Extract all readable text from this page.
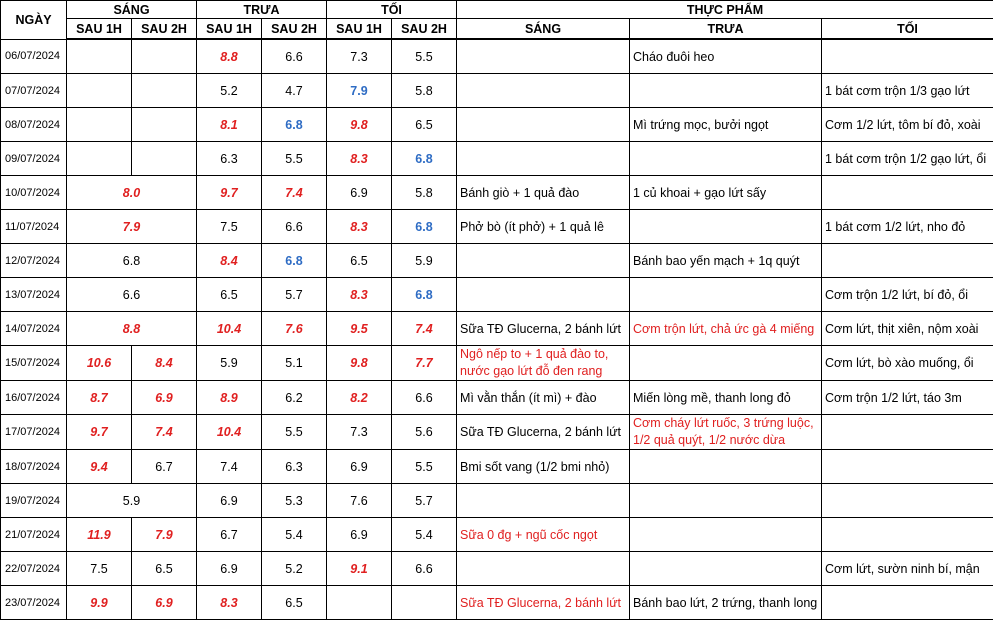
NGÀY	SÁNG		TRƯA		TỐI		THỰC PHẨM		
	SAU 1H	SAU 2H	SAU 1H	SAU 2H	SAU 1H	SAU 2H	SÁNG	TRƯA	TỐI
06/07/2024			8.8	6.6	7.3	5.5		Cháo đuôi heo	
07/07/2024			5.2	4.7	7.9	5.8			1 bát cơm trộn 1/3 gạo lứt
08/07/2024			8.1	6.8	9.8	6.5		Mì trứng mọc, bưởi ngọt	Cơm 1/2 lứt, tôm bí đỏ, xoài
09/07/2024			6.3	5.5	8.3	6.8			1 bát cơm trộn 1/2 gạo lứt, ổi
10/07/2024	8.0		9.7	7.4	6.9	5.8	Bánh giò + 1 quả đào	1 củ khoai + gạo lứt sấy	
11/07/2024	7.9		7.5	6.6	8.3	6.8	Phở bò (ít phở) + 1 quả lê		1 bát cơm 1/2 lứt, nho đỏ
12/07/2024	6.8		8.4	6.8	6.5	5.9		Bánh bao yến mạch + 1q quýt	
13/07/2024	6.6		6.5	5.7	8.3	6.8			Cơm trộn 1/2 lứt, bí đỏ, ổi
14/07/2024	8.8		10.4	7.6	9.5	7.4	Sữa TĐ Glucerna, 2 bánh lứt	Cơm trộn lứt, chả ức gà 4 miếng	Cơm lứt, thịt xiên, nộm xoài
15/07/2024	10.6	8.4	5.9	5.1	9.8	7.7	Ngô nếp to + 1 quả đào to, nước gạo lứt đỗ đen rang		Cơm lứt, bò xào muống, ổi
16/07/2024	8.7	6.9	8.9	6.2	8.2	6.6	Mì vằn thắn (ít mì) + đào	Miến lòng mề, thanh long đỏ	Cơm trộn 1/2 lứt, táo 3m
17/07/2024	9.7	7.4	10.4	5.5	7.3	5.6	Sữa TĐ Glucerna, 2 bánh lứt	Cơm cháy lứt ruốc, 3 trứng luộc, 1/2 quả quýt, 1/2 nước dừa	
18/07/2024	9.4	6.7	7.4	6.3	6.9	5.5	Bmi sốt vang (1/2 bmi nhỏ)		
19/07/2024	5.9		6.9	5.3	7.6	5.7			
21/07/2024	11.9	7.9	6.7	5.4	6.9	5.4	Sữa 0 đg + ngũ cốc ngọt		
22/07/2024	7.5	6.5	6.9	5.2	9.1	6.6			Cơm lứt, sườn ninh bí, mận
23/07/2024	9.9	6.9	8.3	6.5			Sữa TĐ Glucerna, 2 bánh lứt	Bánh bao lứt, 2 trứng, thanh long	
